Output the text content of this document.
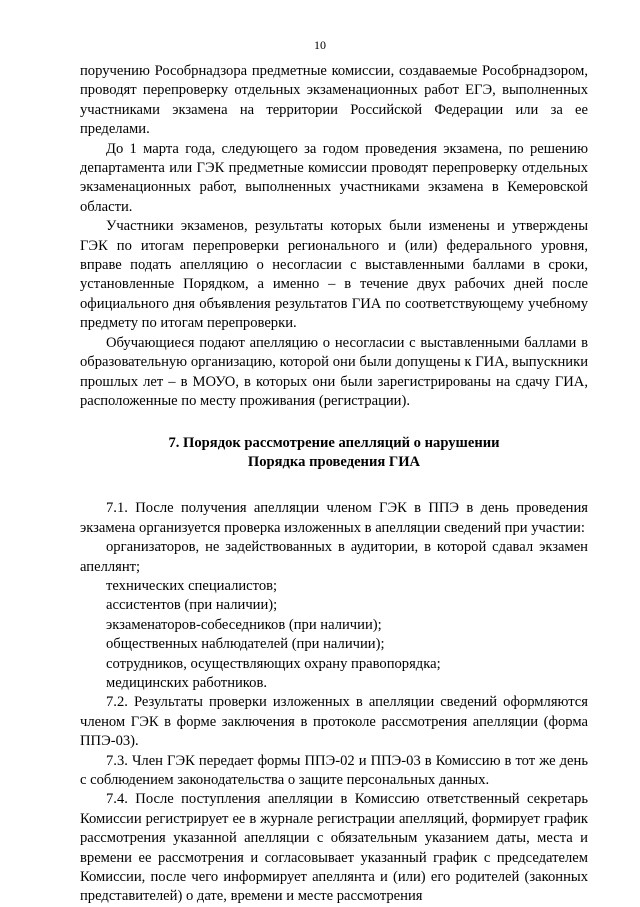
10

поручению Рособрнадзора предметные комиссии, создаваемые Рособрнадзором, проводят перепроверку отдельных экзаменационных работ ЕГЭ, выполненных участниками экзамена на территории Российской Федерации или за ее пределами.

До 1 марта года, следующего за годом проведения экзамена, по решению департамента или ГЭК предметные комиссии проводят перепроверку отдельных экзаменационных работ, выполненных участниками экзамена в Кемеровской области.

Участники экзаменов, результаты которых были изменены и утверждены ГЭК по итогам перепроверки регионального и (или) федерального уровня, вправе подать апелляцию о несогласии с выставленными баллами в сроки, установленные Порядком, а именно – в течение двух рабочих дней после официального дня объявления результатов ГИА по соответствующему учебному предмету по итогам перепроверки.

Обучающиеся подают апелляцию о несогласии с выставленными баллами в образовательную организацию, которой они были допущены к ГИА, выпускники прошлых лет – в МОУО, в которых они были зарегистрированы на сдачу ГИА, расположенные по месту проживания (регистрации).

7. Порядок рассмотрение апелляций о нарушении
Порядка проведения ГИА

7.1. После получения апелляции членом ГЭК в ППЭ в день проведения экзамена организуется проверка изложенных в апелляции сведений при участии:

организаторов, не задействованных в аудитории, в которой сдавал экзамен апеллянт;

технических специалистов;

ассистентов (при наличии);

экзаменаторов-собеседников (при наличии);

общественных наблюдателей (при наличии);

сотрудников, осуществляющих охрану правопорядка;

медицинских работников.

7.2. Результаты проверки изложенных в апелляции сведений оформляются членом ГЭК в форме заключения в протоколе рассмотрения апелляции (форма ППЭ-03).

7.3. Член ГЭК передает формы ППЭ-02 и ППЭ-03 в Комиссию в тот же день с соблюдением законодательства о защите персональных данных.

7.4. После поступления апелляции в Комиссию ответственный секретарь Комиссии регистрирует ее в журнале регистрации апелляций, формирует график рассмотрения указанной апелляции с обязательным указанием даты, места и времени ее рассмотрения и согласовывает указанный график с председателем Комиссии, после чего информирует апеллянта и (или) его родителей (законных представителей) о дате, времени и месте рассмотрения
